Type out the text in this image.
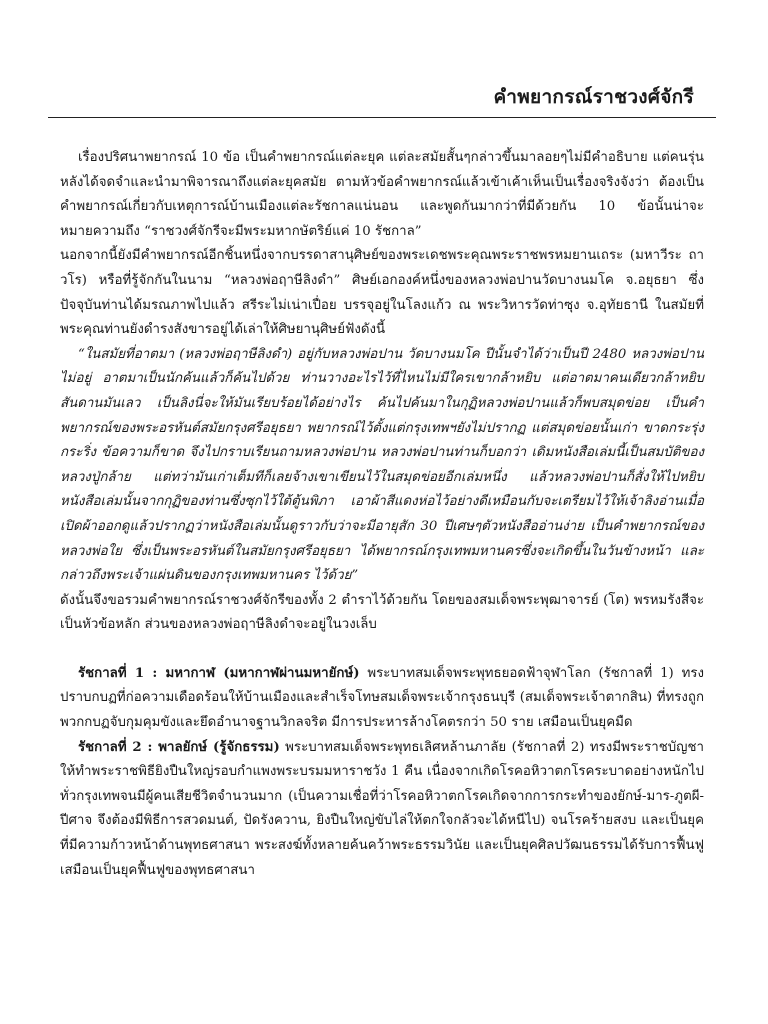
คำพยากรณ์ราชวงศ์จักรี

เรื่องปริศนาพยากรณ์ 10 ข้อ เป็นคำพยากรณ์แต่ละยุค แต่ละสมัยสั้นๆกล่าวขึ้นมาลอยๆไม่มีคำอธิบาย แต่คนรุ่นหลังได้จดจำและนำมาพิจารณาถึงแต่ละยุคสมัย ตามหัวข้อคำพยากรณ์แล้วเข้าเค้าเห็นเป็นเรื่องจริงจังว่า ต้องเป็นคำพยากรณ์เกี่ยวกับเหตุการณ์บ้านเมืองแต่ละรัชกาลแน่นอน และพูดกันมากว่าที่มีด้วยกัน 10 ข้อนั้นน่าจะหมายความถึง “ราชวงศ์จักรีจะมีพระมหากษัตริย์แค่ 10 รัชกาล”

นอกจากนี้ยังมีคำพยากรณ์อีกชิ้นหนึ่งจากบรรดาสานุศิษย์ของพระเดชพระคุณพระราชพรหมยานเถระ (มหาวีระ ถาวโร) หรือที่รู้จักกันในนาม “หลวงพ่อฤาษีลิงดำ” ศิษย์เอกองค์หนึ่งของหลวงพ่อปานวัดบางนมโค จ.อยุธยา ซึ่งปัจจุบันท่านได้มรณภาพไปแล้ว สรีระไม่เน่าเปื่อย บรรจุอยู่ในโลงแก้ว ณ พระวิหารวัดท่าซุง จ.อุทัยธานี ในสมัยที่พระคุณท่านยังดำรงสังขารอยู่ได้เล่าให้ศิษยานุศิษย์ฟังดังนี้

“ในสมัยที่อาตมา (หลวงพ่อฤาษีลิงดำ) อยู่กับหลวงพ่อปาน วัดบางนมโค ปีนั้นจำได้ว่าเป็นปี 2480 หลวงพ่อปานไม่อยู่ อาตมาเป็นนักค้นแล้วก็ค้นไปด้วย ท่านวางอะไรไว้ที่ไหนไม่มีใครเขากล้าหยิบ แต่อาตมาคนเดียวกล้าหยิบ สันดานมันเลว เป็นลิงนี่จะให้มันเรียบร้อยได้อย่างไร ค้นไปค้นมาในกุฏิหลวงพ่อปานแล้วก็พบสมุดข่อย เป็นคำพยากรณ์ของพระอรหันต์สมัยกรุงศรีอยุธยา พยากรณ์ไว้ตั้งแต่กรุงเทพฯยังไม่ปรากฏ แต่สมุดข่อยนั้นเก่า ขาดกระรุ่งกระริ่ง ข้อความก็ขาด จึงไปกราบเรียนถามหลวงพ่อปาน หลวงพ่อปานท่านก็บอกว่า เดิมหนังสือเล่มนี้เป็นสมบัติของหลวงปู่กล้าย แต่ทว่ามันเก่าเต็มทีก็เลยจ้างเขาเขียนไว้ในสมุดข่อยอีกเล่มหนึ่ง แล้วหลวงพ่อปานก็สั่งให้ไปหยิบหนังสือเล่มนั้นจากกุฏิของท่านซึ่งซุกไว้ใต้ตู้นพิภา เอาผ้าสีแดงห่อไว้อย่างดีเหมือนกับจะเตรียมไว้ให้เจ้าลิงอ่านเมื่อเปิดผ้าออกดูแล้วปรากฏว่าหนังสือเล่มนั้นดูราวกับว่าจะมีอายุสัก 30 ปีเศษๆตัวหนังสืออ่านง่าย เป็นคำพยากรณ์ของหลวงพ่อใย ซึ่งเป็นพระอรหันต์ในสมัยกรุงศรีอยุธยา ได้พยากรณ์กรุงเทพมหานครซึ่งจะเกิดขึ้นในวันข้างหน้า และกล่าวถึงพระเจ้าแผ่นดินของกรุงเทพมหานคร ไว้ด้วย”

ดังนั้นจึงขอรวมคำพยากรณ์ราชวงศ์จักรีของทั้ง 2 ตำราไว้ด้วยกัน โดยของสมเด็จพระพุฒาจารย์ (โต) พรหมรังสีจะเป็นหัวข้อหลัก ส่วนของหลวงพ่อฤาษีลิงดำจะอยู่ในวงเล็บ

รัชกาลที่ 1 : มหากาฬ (มหากาฬผ่านมหายักษ์) พระบาทสมเด็จพระพุทธยอดฟ้าจุฬาโลก (รัชกาลที่ 1) ทรงปราบกบฏที่ก่อความเดือดร้อนให้บ้านเมืองและสำเร็จโทษสมเด็จพระเจ้ากรุงธนบุรี (สมเด็จพระเจ้าตากสิน) ที่ทรงถูกพวกกบฏจับกุมคุมขังและยึดอำนาจฐานวิกลจริต มีการประหารล้างโคตรกว่า 50 ราย เสมือนเป็นยุคมืด

รัชกาลที่ 2 : พาลยักษ์ (รู้จักธรรม) พระบาทสมเด็จพระพุทธเลิศหล้านภาลัย (รัชกาลที่ 2) ทรงมีพระราชบัญชาให้ทำพระราชพิธียิงปืนใหญ่รอบกำแพงพระบรมมหาราชวัง 1 คืน เนื่องจากเกิดโรคอหิวาตกโรคระบาดอย่างหนักไปทั่วกรุงเทพจนมีผู้คนเสียชีวิตจำนวนมาก (เป็นความเชื่อที่ว่าโรคอหิวาตกโรคเกิดจากการกระทำของยักษ์-มาร-ภูตผี-ปีศาจ จึงต้องมีพิธีการสวดมนต์, ปัดรังควาน, ยิงปืนใหญ่ขับไล่ให้ตกใจกลัวจะได้หนีไป) จนโรคร้ายสงบ และเป็นยุคที่มีความก้าวหน้าด้านพุทธศาสนา พระสงฆ์ทั้งหลายค้นคว้าพระธรรมวินัย และเป็นยุคศิลปวัฒนธรรมได้รับการฟื้นฟู เสมือนเป็นยุคฟื้นฟูของพุทธศาสนา
